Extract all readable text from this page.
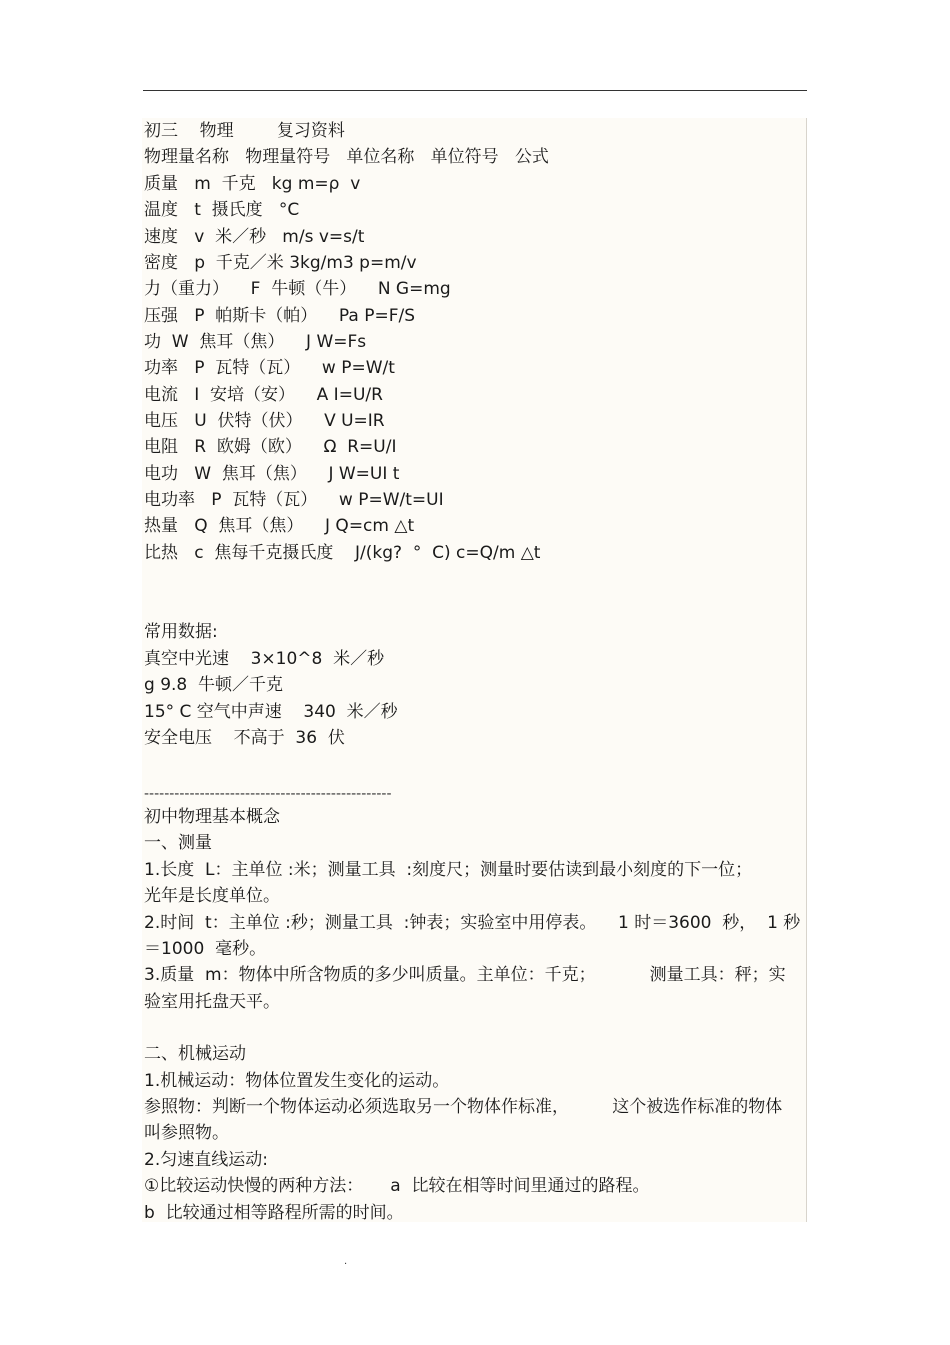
初三    物理        复习资料
物理量名称   物理量符号   单位名称   单位符号   公式
质量   m  千克   kg m=ρ  v
温度   t  摄氏度   °C
速度   v  米／秒   m/s v=s/t
密度   p  千克／米 3kg/m3 p=m/v
力（重力）    F  牛顿（牛）    N G=mg
压强   P  帕斯卡（帕）    Pa P=F/S
功  W  焦耳（焦）    J W=Fs
功率   P  瓦特（瓦）    w P=W/t
电流   I  安培（安）    A I=U/R
电压   U  伏特（伏）    V U=IR
电阻   R  欧姆（欧）    Ω  R=U/I
电功   W  焦耳（焦）    J W=UI t
电功率   P  瓦特（瓦）    w P=W/t=UI
热量   Q  焦耳（焦）    J Q=cm △t
比热   c  焦每千克摄氏度    J/(kg?  °  C) c=Q/m △t
常用数据:
真空中光速    3×10^8  米／秒
g 9.8  牛顿／千克
15° C 空气中声速    340  米／秒
安全电压    不高于  36  伏
-------------------------------------------------
初中物理基本概念
一、测量
1.长度  L：主单位 :米；测量工具  :刻度尺；测量时要估读到最小刻度的下一位；
光年是长度单位。
2.时间  t：主单位 :秒；测量工具  :钟表；实验室中用停表。    1 时＝3600  秒，  1 秒
＝1000  毫秒。
3.质量  m：物体中所含物质的多少叫质量。主单位：千克；          测量工具：秤；实
验室用托盘天平。
二、机械运动
1.机械运动：物体位置发生变化的运动。
参照物：判断一个物体运动必须选取另一个物体作标准，        这个被选作标准的物体
叫参照物。
2.匀速直线运动:
①比较运动快慢的两种方法：     a  比较在相等时间里通过的路程。
b  比较通过相等路程所需的时间。
.
